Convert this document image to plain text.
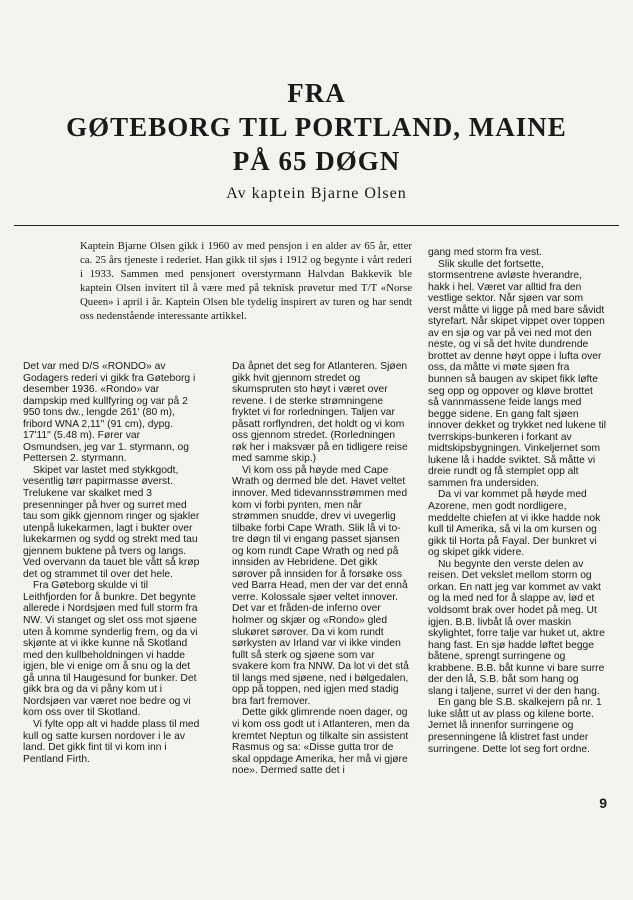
FRA
GØTEBORG TIL PORTLAND, MAINE
PÅ 65 DØGN
Av kaptein Bjarne Olsen
Kaptein Bjarne Olsen gikk i 1960 av med pensjon i en alder av 65 år, etter ca. 25 års tjeneste i rederiet. Han gikk til sjøs i 1912 og begynte i vårt rederi i 1933. Sammen med pensjonert overstyrmann Halvdan Bakkevik ble kaptein Olsen invitert til å være med på teknisk prøvetur med T/T «Norse Queen» i april i år. Kaptein Olsen ble tydelig inspirert av turen og har sendt oss nedenstående interessante artikkel.

Det var med D/S «RONDO» av Godagers rederi vi gikk fra Gøteborg i desember 1936. «Rondo» var dampskip med kullfyring og var på 2 950 tons dw., lengde 261' (80 m), fribord WNA 2,11" (91 cm), dypg. 17'11" (5.48 m). Fører var Osmundsen, jeg var 1. styrmann, og Pettersen 2. styrmann.

Skipet var lastet med stykkgodt, vesentlig tørr papirmasse øverst. Trelukene var skalket med 3 presenninger på hver og surret med tau som gikk gjennom ringer og sjakler utenpå lukekarmen, lagt i bukter over lukekarmen og sydd og strekt med tau gjennem buktene på tvers og langs. Ved overvann da tauet ble vått så krøp det og strammet til over det hele.

Fra Gøteborg skulde vi til Leithfjorden for å bunkre. Det begynte allerede i Nordsjøen med full storm fra NW. Vi stanget og slet oss mot sjøene uten å komme synderlig frem, og da vi skjønte at vi ikke kunne nå Skotland med den kullbeholdningen vi hadde igjen, ble vi enige om å snu og la det gå unna til Haugesund for bunker. Det gikk bra og da vi påny kom ut i Nordsjøen var været noe bedre og vi kom oss over til Skotland.

Vi fylte opp alt vi hadde plass til med kull og satte kursen nordover i le av land. Det gikk fint til vi kom inn i Pentland Firth.

Da åpnet det seg for Atlanteren. Sjøen gikk hvit gjennom stredet og skumspruten sto høyt i været over revene. I de sterke strømningene fryktet vi for rorledningen. Taljen var påsatt rorflyndren, det holdt og vi kom oss gjennom stredet. (Rorledningen røk her i maksvær på en tidligere reise med samme skip.)

Vi kom oss på høyde med Cape Wrath og dermed ble det. Havet veltet innover. Med tidevannsstrømmen med kom vi forbi pynten, men når strømmen snudde, drev vi uvegerlig tilbake forbi Cape Wrath. Slik lå vi to-tre døgn til vi engang passet sjansen og kom rundt Cape Wrath og ned på innsiden av Hebridene. Det gikk sørover på innsiden for å forsøke oss ved Barra Head, men der var det ennå verre. Kolossale sjøer veltet innover. Det var et fråden-de inferno over holmer og skjær og «Rondo» gled slukøret sørover. Da vi kom rundt sørkysten av Irland var vi ikke vinden fullt så sterk og sjøene som var svakere kom fra NNW. Da lot vi det stå til langs med sjøene, ned i bølgedalen, opp på toppen, ned igjen med stadig bra fart fremover.

Dette gikk glimrende noen dager, og vi kom oss godt ut i Atlanteren, men da kremtet Neptun og tilkalte sin assistent Rasmus og sa: «Disse gutta tror de skal oppdage Amerika, her må vi gjøre noe». Dermed satte det i

gang med storm fra vest.

Slik skulle det fortsette, stormsentrene avløste hverandre, hakk i hel. Været var alltid fra den vestlige sektor. Når sjøen var som verst måtte vi ligge på med bare såvidt styrefart. Når skipet vippet over toppen av en sjø og var på vei ned mot den neste, og vi så det hvite dundrende brottet av denne høyt oppe i lufta over oss, da måtte vi møte sjøen fra bunnen så baugen av skipet fikk løfte seg opp og oppover og kløve brottet så vannmassene feide langs med begge sidene. En gang falt sjøen innover dekket og trykket ned lukene til tverrskips-bunkeren i forkant av midtskipsbygningen. Vinkeljernet som lukene lå i hadde sviktet. Så måtte vi dreie rundt og få stemplet opp alt sammen fra undersiden.

Da vi var kommet på høyde med Azorene, men godt nordligere, meddelte chiefen at vi ikke hadde nok kull til Amerika, så vi la om kursen og gikk til Horta på Fayal. Der bunkret vi og skipet gikk videre.

Nu begynte den verste delen av reisen. Det vekslet mellom storm og orkan. En natt jeg var kommet av vakt og la med ned for å slappe av, lød et voldsomt brak over hodet på meg. Ut igjen. B.B. livbåt lå over maskin skylightet, forre talje var huket ut, aktre hang fast. En sjø hadde løftet begge båtene, sprengt surringene og krabbene. B.B. båt kunne vi bare surre der den lå, S.B. båt som hang og slang i taljene, surret vi der den hang.

En gang ble S.B. skalkejern på nr. 1 luke slått ut av plass og kilene borte. Jernet lå innenfor surringene og presenningene lå klistret fast under surringene. Dette lot seg fort ordne.

9
